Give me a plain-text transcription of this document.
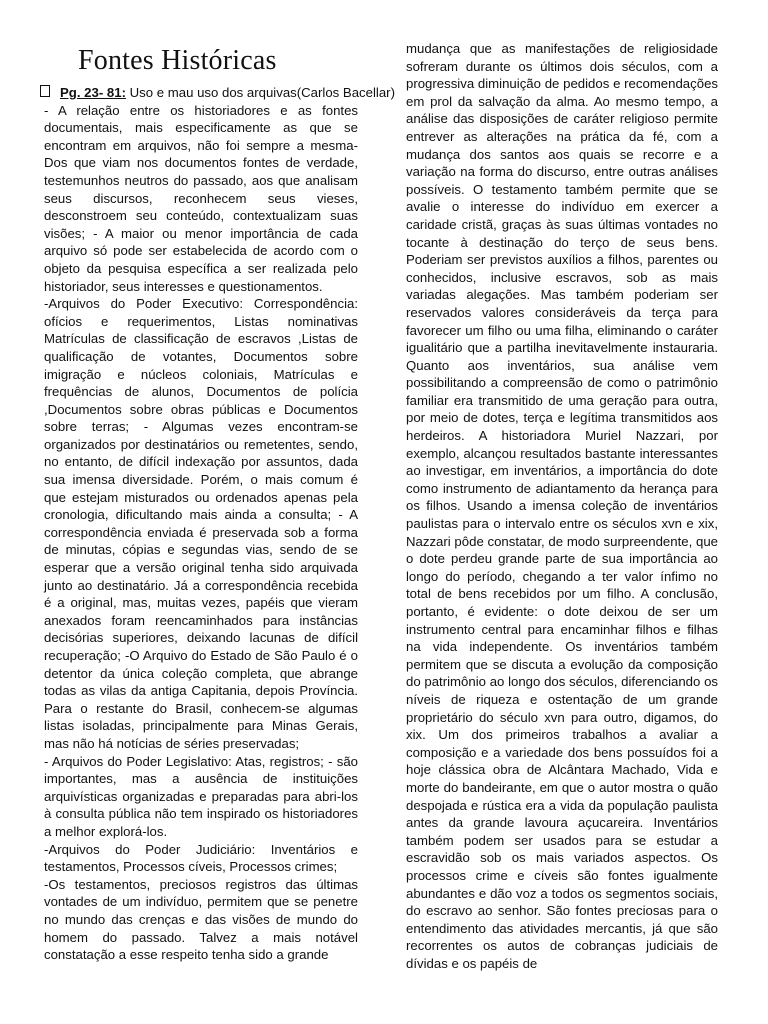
Fontes Históricas
Pg. 23- 81: Uso e mau uso dos arquivas(Carlos Bacellar)

- A relação entre os historiadores e as fontes documentais, mais especificamente as que se encontram em arquivos, não foi sempre a mesma- Dos que viam nos documentos fontes de verdade, testemunhos neutros do passado, aos que analisam seus discursos, reconhecem seus vieses, desconstroem seu conteúdo, contextualizam suas visões; - A maior ou menor importância de cada arquivo só pode ser estabelecida de acordo com o objeto da pesquisa específica a ser realizada pelo historiador, seus interesses e questionamentos.

-Arquivos do Poder Executivo: Correspondência: ofícios e requerimentos, Listas nominativas Matrículas de classificação de escravos ,Listas de qualificação de votantes, Documentos sobre imigração e núcleos coloniais, Matrículas e frequências de alunos, Documentos de polícia ,Documentos sobre obras públicas e Documentos sobre terras; - Algumas vezes encontram-se organizados por destinatários ou remetentes, sendo, no entanto, de difícil indexação por assuntos, dada sua imensa diversidade. Porém, o mais comum é que estejam misturados ou ordenados apenas pela cronologia, dificultando mais ainda a consulta; - A correspondência enviada é preservada sob a forma de minutas, cópias e segundas vias, sendo de se esperar que a versão original tenha sido arquivada junto ao destinatário. Já a correspondência recebida é a original, mas, muitas vezes, papéis que vieram anexados foram reencaminhados para instâncias decisórias superiores, deixando lacunas de difícil recuperação; -O Arquivo do Estado de São Paulo é o detentor da única coleção completa, que abrange todas as vilas da antiga Capitania, depois Província. Para o restante do Brasil, conhecem-se algumas listas isoladas, principalmente para Minas Gerais, mas não há notícias de séries preservadas;

- Arquivos do Poder Legislativo: Atas, registros; - são importantes, mas a ausência de instituições arquivísticas organizadas e preparadas para abri-los à consulta pública não tem inspirado os historiadores a melhor explorá-los.

-Arquivos do Poder Judiciário: Inventários e testamentos, Processos cíveis, Processos crimes;

-Os testamentos, preciosos registros das últimas vontades de um indivíduo, permitem que se penetre no mundo das crenças e das visões de mundo do homem do passado. Talvez a mais notável constatação a esse respeito tenha sido a grande

mudança que as manifestações de religiosidade sofreram durante os últimos dois séculos, com a progressiva diminuição de pedidos e recomendações em prol da salvação da alma. Ao mesmo tempo, a análise das disposições de caráter religioso permite entrever as alterações na prática da fé, com a mudança dos santos aos quais se recorre e a variação na forma do discurso, entre outras análises possíveis. O testamento também permite que se avalie o interesse do indivíduo em exercer a caridade cristã, graças às suas últimas vontades no tocante à destinação do terço de seus bens. Poderiam ser previstos auxílios a filhos, parentes ou conhecidos, inclusive escravos, sob as mais variadas alegações. Mas também poderiam ser reservados valores consideráveis da terça para favorecer um filho ou uma filha, eliminando o caráter igualitário que a partilha inevitavelmente instauraria. Quanto aos inventários, sua análise vem possibilitando a compreensão de como o patrimônio familiar era transmitido de uma geração para outra, por meio de dotes, terça e legítima transmitidos aos herdeiros. A historiadora Muriel Nazzari, por exemplo, alcançou resultados bastante interessantes ao investigar, em inventários, a importância do dote como instrumento de adiantamento da herança para os filhos. Usando a imensa coleção de inventários paulistas para o intervalo entre os séculos xvn e xix, Nazzari pôde constatar, de modo surpreendente, que o dote perdeu grande parte de sua importância ao longo do período, chegando a ter valor ínfimo no total de bens recebidos por um filho. A conclusão, portanto, é evidente: o dote deixou de ser um instrumento central para encaminhar filhos e filhas na vida independente. Os inventários também permitem que se discuta a evolução da composição do patrimônio ao longo dos séculos, diferenciando os níveis de riqueza e ostentação de um grande proprietário do século xvn para outro, digamos, do xix. Um dos primeiros trabalhos a avaliar a composição e a variedade dos bens possuídos foi a hoje clássica obra de Alcântara Machado, Vida e morte do bandeirante, em que o autor mostra o quão despojada e rústica era a vida da população paulista antes da grande lavoura açucareira. Inventários também podem ser usados para se estudar a escravidão sob os mais variados aspectos. Os processos crime e cíveis são fontes igualmente abundantes e dão voz a todos os segmentos sociais, do escravo ao senhor. São fontes preciosas para o entendimento das atividades mercantis, já que são recorrentes os autos de cobranças judiciais de dívidas e os papéis de
